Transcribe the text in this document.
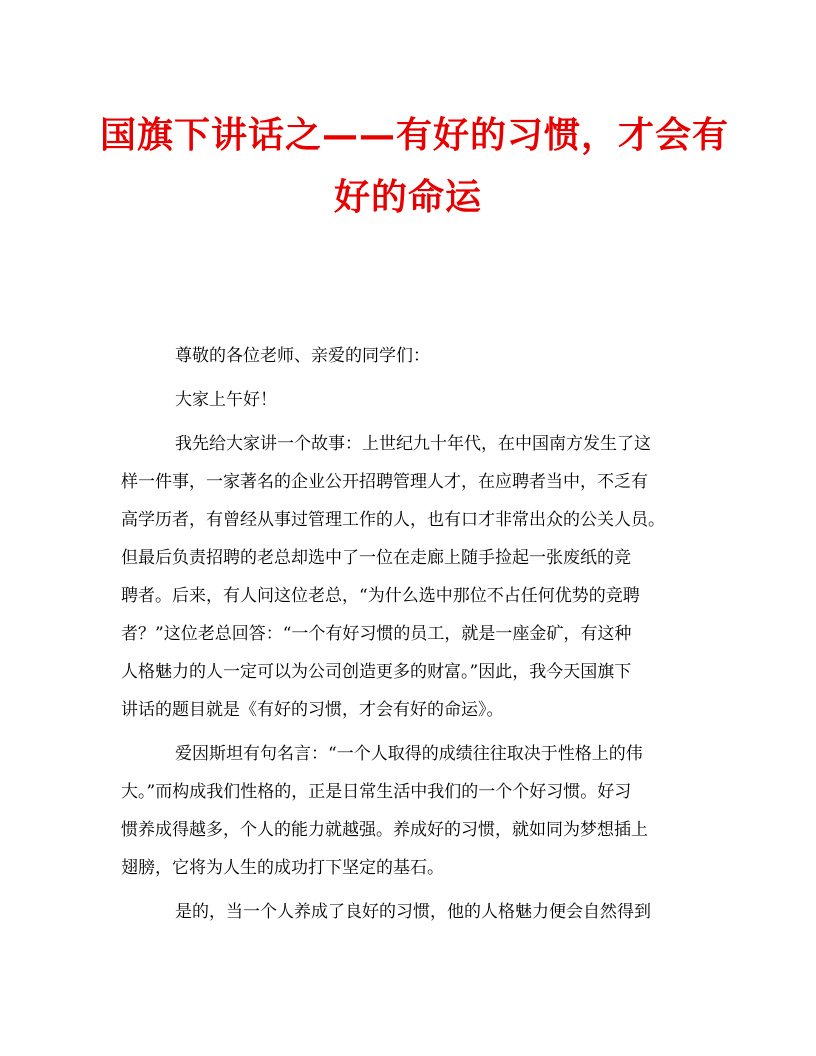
国旗下讲话之——有好的习惯，才会有
好的命运
尊敬的各位老师、亲爱的同学们：
大家上午好！
我先给大家讲一个故事：上世纪九十年代，在中国南方发生了这
样一件事，一家著名的企业公开招聘管理人才，在应聘者当中，不乏有
高学历者，有曾经从事过管理工作的人，也有口才非常出众的公关人员。
但最后负责招聘的老总却选中了一位在走廊上随手捡起一张废纸的竞
聘者。后来，有人问这位老总，“为什么选中那位不占任何优势的竞聘
者？”这位老总回答：“一个有好习惯的员工，就是一座金矿，有这种
人格魅力的人一定可以为公司创造更多的财富。”因此，我今天国旗下
讲话的题目就是《有好的习惯，才会有好的命运》。
爱因斯坦有句名言：“一个人取得的成绩往往取决于性格上的伟
大。”而构成我们性格的，正是日常生活中我们的一个个好习惯。好习
惯养成得越多，个人的能力就越强。养成好的习惯，就如同为梦想插上
翅膀，它将为人生的成功打下坚定的基石。
是的，当一个人养成了良好的习惯，他的人格魅力便会自然得到
